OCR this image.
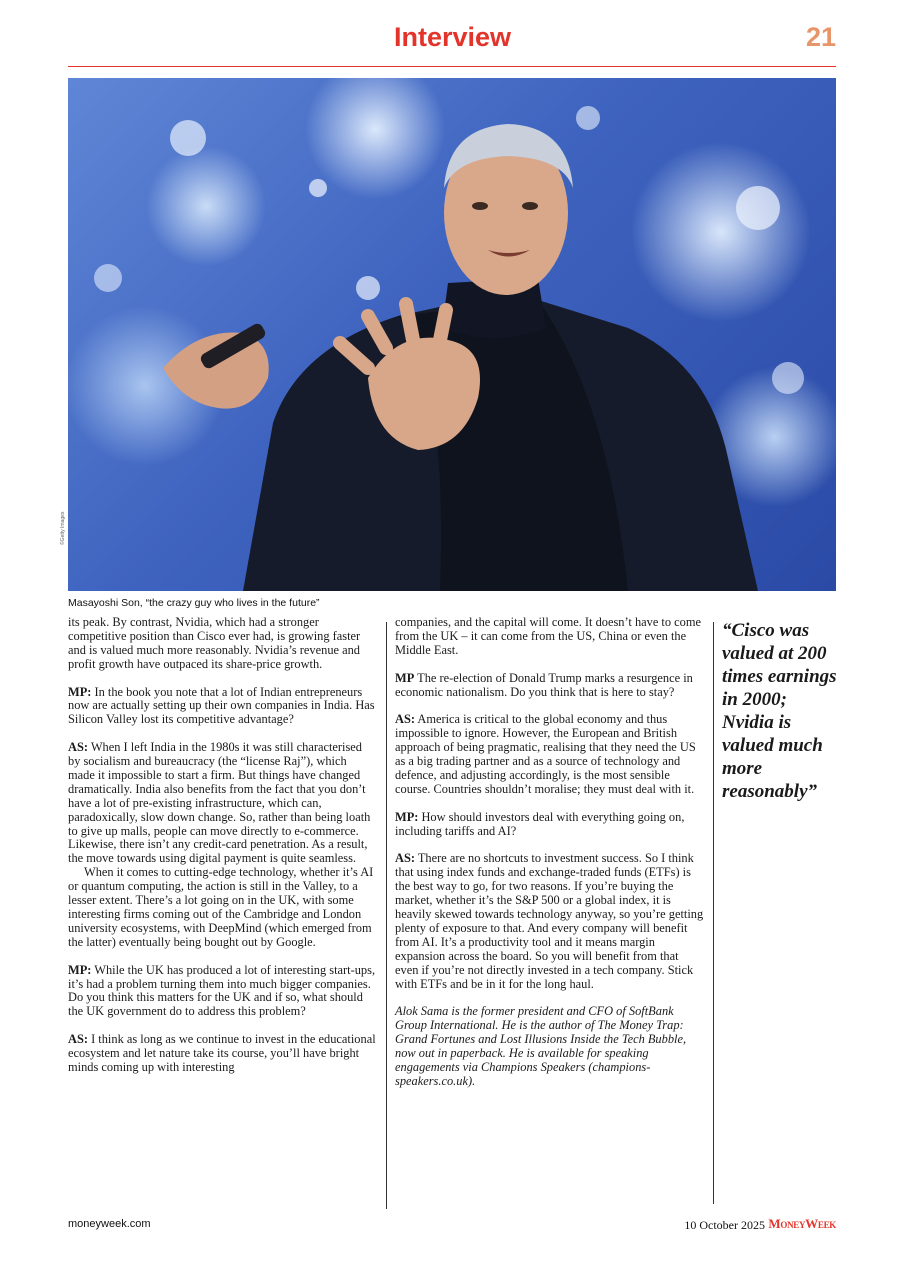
Interview	21
©Getty Images
Masayoshi Son, “the crazy guy who lives in the future”

its peak. By contrast, Nvidia, which had a stronger competitive position than Cisco ever had, is growing faster and is valued much more reasonably. Nvidia’s revenue and profit growth have outpaced its share-price growth.

MP: In the book you note that a lot of Indian entrepreneurs now are actually setting up their own companies in India. Has Silicon Valley lost its competitive advantage?

AS: When I left India in the 1980s it was still characterised by socialism and bureaucracy (the “license Raj”), which made it impossible to start a firm. But things have changed dramatically. India also benefits from the fact that you don’t have a lot of pre-existing infrastructure, which can, paradoxically, slow down change. So, rather than being loath to give up malls, people can move directly to e-commerce. Likewise, there isn’t any credit-card penetration. As a result, the move towards using digital payment is quite seamless.

When it comes to cutting-edge technology, whether it’s AI or quantum computing, the action is still in the Valley, to a lesser extent. There’s a lot going on in the UK, with some interesting firms coming out of the Cambridge and London university ecosystems, with DeepMind (which emerged from the latter) eventually being bought out by Google.

MP: While the UK has produced a lot of interesting start-ups, it’s had a problem turning them into much bigger companies. Do you think this matters for the UK and if so, what should the UK government do to address this problem?

AS: I think as long as we continue to invest in the educational ecosystem and let nature take its course, you’ll have bright minds coming up with interesting

companies, and the capital will come. It doesn’t have to come from the UK – it can come from the US, China or even the Middle East.

MP The re-election of Donald Trump marks a resurgence in economic nationalism. Do you think that is here to stay?

AS: America is critical to the global economy and thus impossible to ignore. However, the European and British approach of being pragmatic, realising that they need the US as a big trading partner and as a source of technology and defence, and adjusting accordingly, is the most sensible course. Countries shouldn’t moralise; they must deal with it.

MP: How should investors deal with everything going on, including tariffs and AI?

AS: There are no shortcuts to investment success. So I think that using index funds and exchange-traded funds (ETFs) is the best way to go, for two reasons. If you’re buying the market, whether it’s the S&P 500 or a global index, it is heavily skewed towards technology anyway, so you’re getting plenty of exposure to that. And every company will benefit from AI. It’s a productivity tool and it means margin expansion across the board. So you will benefit from that even if you’re not directly invested in a tech company. Stick with ETFs and be in it for the long haul.

Alok Sama is the former president and CFO of SoftBank Group International. He is the author of The Money Trap: Grand Fortunes and Lost Illusions Inside the Tech Bubble, now out in paperback. He is available for speaking engagements via Champions Speakers (champions-speakers.co.uk).

“Cisco was valued at 200 times earnings in 2000; Nvidia is valued much more reasonably”
moneyweek.com	10 October 2025 MoneyWeek
